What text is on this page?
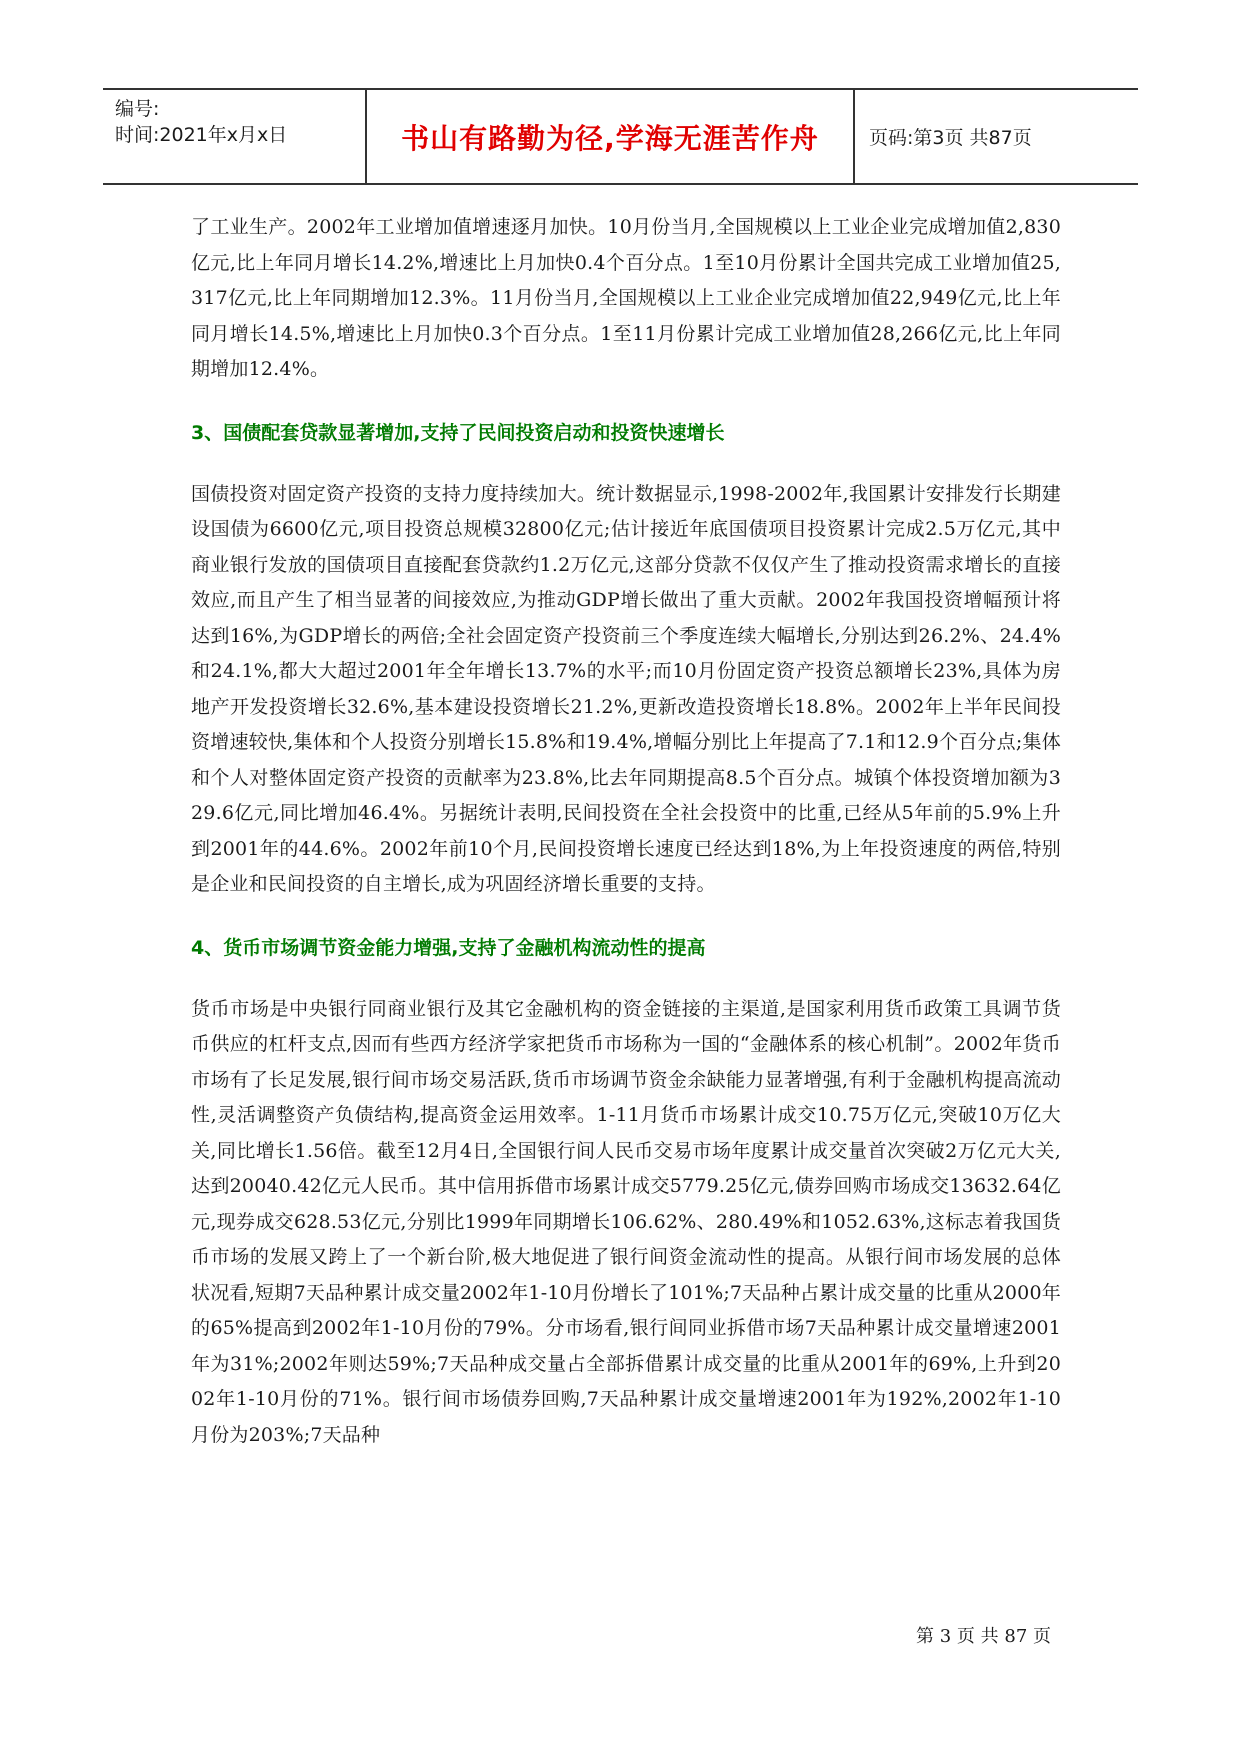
编号:
时间:2021年x月x日	书山有路勤为径,学海无涯苦作舟	页码:第3页 共87页

了工业生产。2002年工业增加值增速逐月加快。10月份当月,全国规模以上工业企业完成增加值2,830亿元,比上年同月增长14.2%,增速比上月加快0.4个百分点。1至10月份累计全国共完成工业增加值25,317亿元,比上年同期增加12.3%。11月份当月,全国规模以上工业企业完成增加值22,949亿元,比上年同月增长14.5%,增速比上月加快0.3个百分点。1至11月份累计完成工业增加值28,266亿元,比上年同期增加12.4%。

3、国债配套贷款显著增加,支持了民间投资启动和投资快速增长

国债投资对固定资产投资的支持力度持续加大。统计数据显示,1998-2002年,我国累计安排发行长期建设国债为6600亿元,项目投资总规模32800亿元;估计接近年底国债项目投资累计完成2.5万亿元,其中商业银行发放的国债项目直接配套贷款约1.2万亿元,这部分贷款不仅仅产生了推动投资需求增长的直接效应,而且产生了相当显著的间接效应,为推动GDP增长做出了重大贡献。2002年我国投资增幅预计将达到16%,为GDP增长的两倍;全社会固定资产投资前三个季度连续大幅增长,分别达到26.2%、24.4%和24.1%,都大大超过2001年全年增长13.7%的水平;而10月份固定资产投资总额增长23%,具体为房地产开发投资增长32.6%,基本建设投资增长21.2%,更新改造投资增长18.8%。2002年上半年民间投资增速较快,集体和个人投资分别增长15.8%和19.4%,增幅分别比上年提高了7.1和12.9个百分点;集体和个人对整体固定资产投资的贡献率为23.8%,比去年同期提高8.5个百分点。城镇个体投资增加额为329.6亿元,同比增加46.4%。另据统计表明,民间投资在全社会投资中的比重,已经从5年前的5.9%上升到2001年的44.6%。2002年前10个月,民间投资增长速度已经达到18%,为上年投资速度的两倍,特别是企业和民间投资的自主增长,成为巩固经济增长重要的支持。

4、货币市场调节资金能力增强,支持了金融机构流动性的提高

货币市场是中央银行同商业银行及其它金融机构的资金链接的主渠道,是国家利用货币政策工具调节货币供应的杠杆支点,因而有些西方经济学家把货币市场称为一国的“金融体系的核心机制”。2002年货币市场有了长足发展,银行间市场交易活跃,货币市场调节资金余缺能力显著增强,有利于金融机构提高流动性,灵活调整资产负债结构,提高资金运用效率。1-11月货币市场累计成交10.75万亿元,突破10万亿大关,同比增长1.56倍。截至12月4日,全国银行间人民币交易市场年度累计成交量首次突破2万亿元大关,达到20040.42亿元人民币。其中信用拆借市场累计成交5779.25亿元,债券回购市场成交13632.64亿元,现券成交628.53亿元,分别比1999年同期增长106.62%、280.49%和1052.63%,这标志着我国货币市场的发展又跨上了一个新台阶,极大地促进了银行间资金流动性的提高。从银行间市场发展的总体状况看,短期7天品种累计成交量2002年1-10月份增长了101%;7天品种占累计成交量的比重从2000年的65%提高到2002年1-10月份的79%。分市场看,银行间同业拆借市场7天品种累计成交量增速2001年为31%;2002年则达59%;7天品种成交量占全部拆借累计成交量的比重从2001年的69%,上升到2002年1-10月份的71%。银行间市场债券回购,7天品种累计成交量增速2001年为192%,2002年1-10月份为203%;7天品种

第 3 页 共 87 页
